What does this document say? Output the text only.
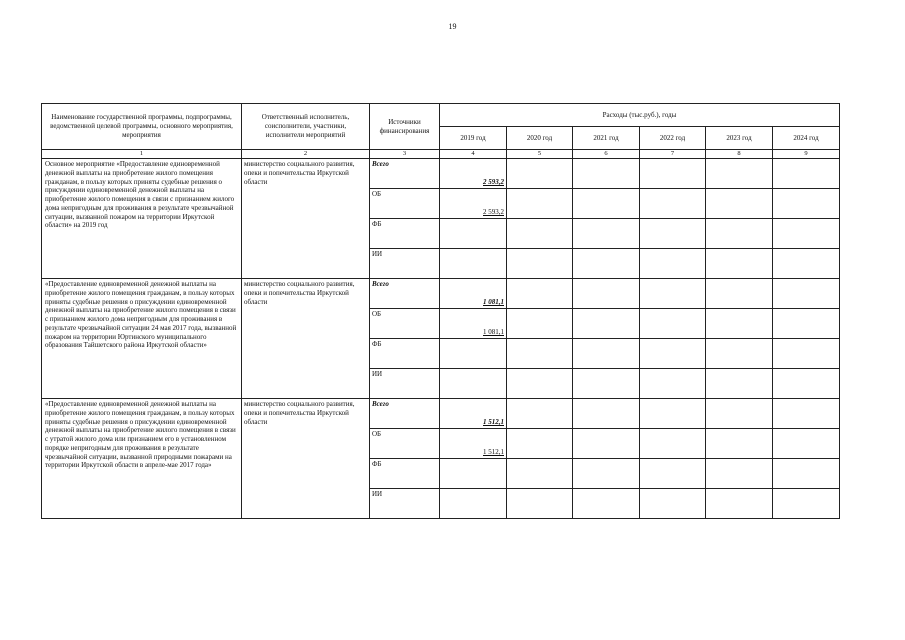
19
Наименование государственной программы, подпрограммы, ведомственной целевой программы, основного мероприятия, мероприятия	Ответственный исполнитель, соисполнители, участники, исполнители мероприятий	Источники финансирования	Расходы (тыс.руб.), годы					
			2019 год	2020 год	2021 год	2022 год	2023 год	2024 год
1	2	3	4	5	6	7	8	9
Основное мероприятие «Предоставление единовременной денежной выплаты на приобретение жилого помещения гражданам, в пользу которых приняты судебные решения о присуждении единовременной денежной выплаты на приобретение жилого помещения в связи с признанием жилого дома непригодным для проживания в результате чрезвычайной ситуации, вызванной пожаром на территории Иркутской области» на 2019 год	министерство социального развития, опеки и попечительства Иркутской области	Всего	2 593,2					
		ОБ	2 593,2					
		ФБ						
		ИИ						
«Предоставление единовременной денежной выплаты на приобретение жилого помещения гражданам, в пользу которых приняты судебные решения о присуждении единовременной денежной выплаты на приобретение жилого помещения в связи с признанием жилого дома непригодным для проживания в результате чрезвычайной ситуации 24 мая 2017 года, вызванной пожаром на территории Юртинского муниципального образования Тайшетского района Иркутской области»	министерство социального развития, опеки и попечительства Иркутской области	Всего	1 081,1					
		ОБ	1 081,1					
		ФБ						
		ИИ						
«Предоставление единовременной денежной выплаты на приобретение жилого помещения гражданам, в пользу которых приняты судебные решения о присуждении единовременной денежной выплаты на приобретение жилого помещения в связи с утратой жилого дома или признанием его в установленном порядке непригодным для проживания в результате чрезвычайной ситуации, вызванной природными пожарами на территории Иркутской области в апреле-мае 2017 года»	министерство социального развития, опеки и попечительства Иркутской области	Всего	1 512,1					
		ОБ	1 512,1					
		ФБ						
		ИИ						
